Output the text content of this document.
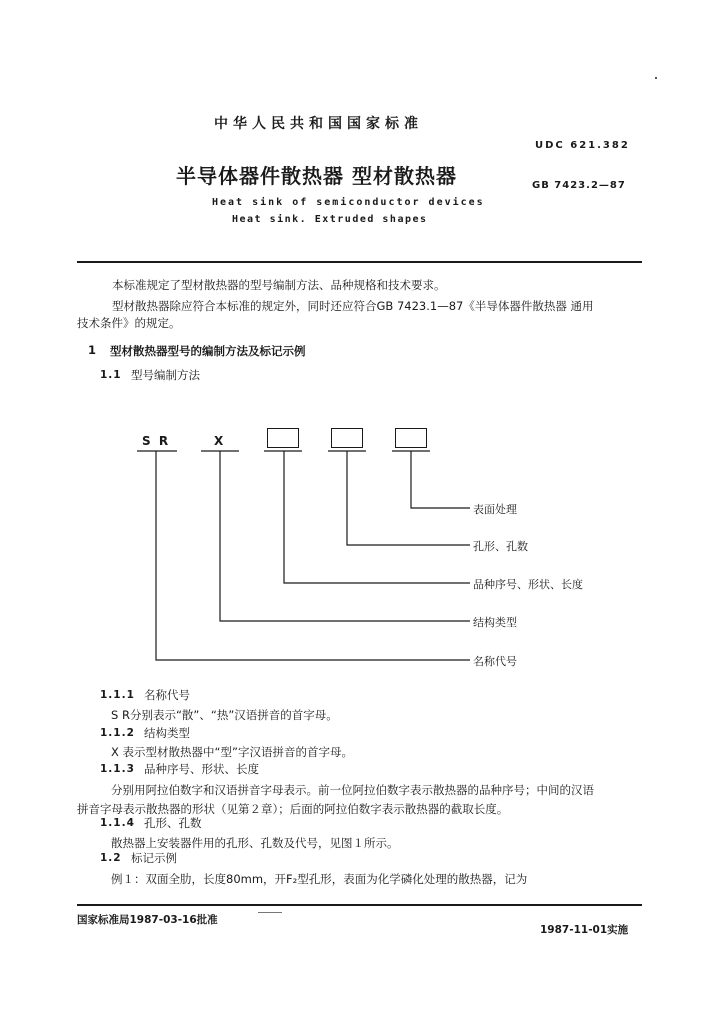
中华人民共和国国家标准
UDC 621.382
半导体器件散热器 型材散热器	GB 7423.2—87
Heat sink of semiconductor devices
Heat sink. Extruded shapes
本标准规定了型材散热器的型号编制方法、品种规格和技术要求。
型材散热器除应符合本标准的规定外，同时还应符合GB 7423.1—87《半导体器件散热器 通用
技术条件》的规定。
1 型材散热器型号的编制方法及标记示例
1.1 型号编制方法
S R	X
表面处理
孔形、孔数
品种序号、形状、长度
结构类型
名称代号
1.1.1 名称代号
S R分别表示“散”、“热”汉语拼音的首字母。
1.1.2 结构类型
X 表示型材散热器中“型”字汉语拼音的首字母。
1.1.3 品种序号、形状、长度
分别用阿拉伯数字和汉语拼音字母表示。前一位阿拉伯数字表示散热器的品种序号；中间的汉语
拼音字母表示散热器的形状（见第２章）；后面的阿拉伯数字表示散热器的截取长度。
1.1.4 孔形、孔数
散热器上安装器件用的孔形、孔数及代号，见图１所示。
1.2 标记示例
例１：双面全肋，长度80mm，开F₂型孔形，表面为化学磷化处理的散热器，记为
国家标准局1987-03-16批准
1987-11-01实施
